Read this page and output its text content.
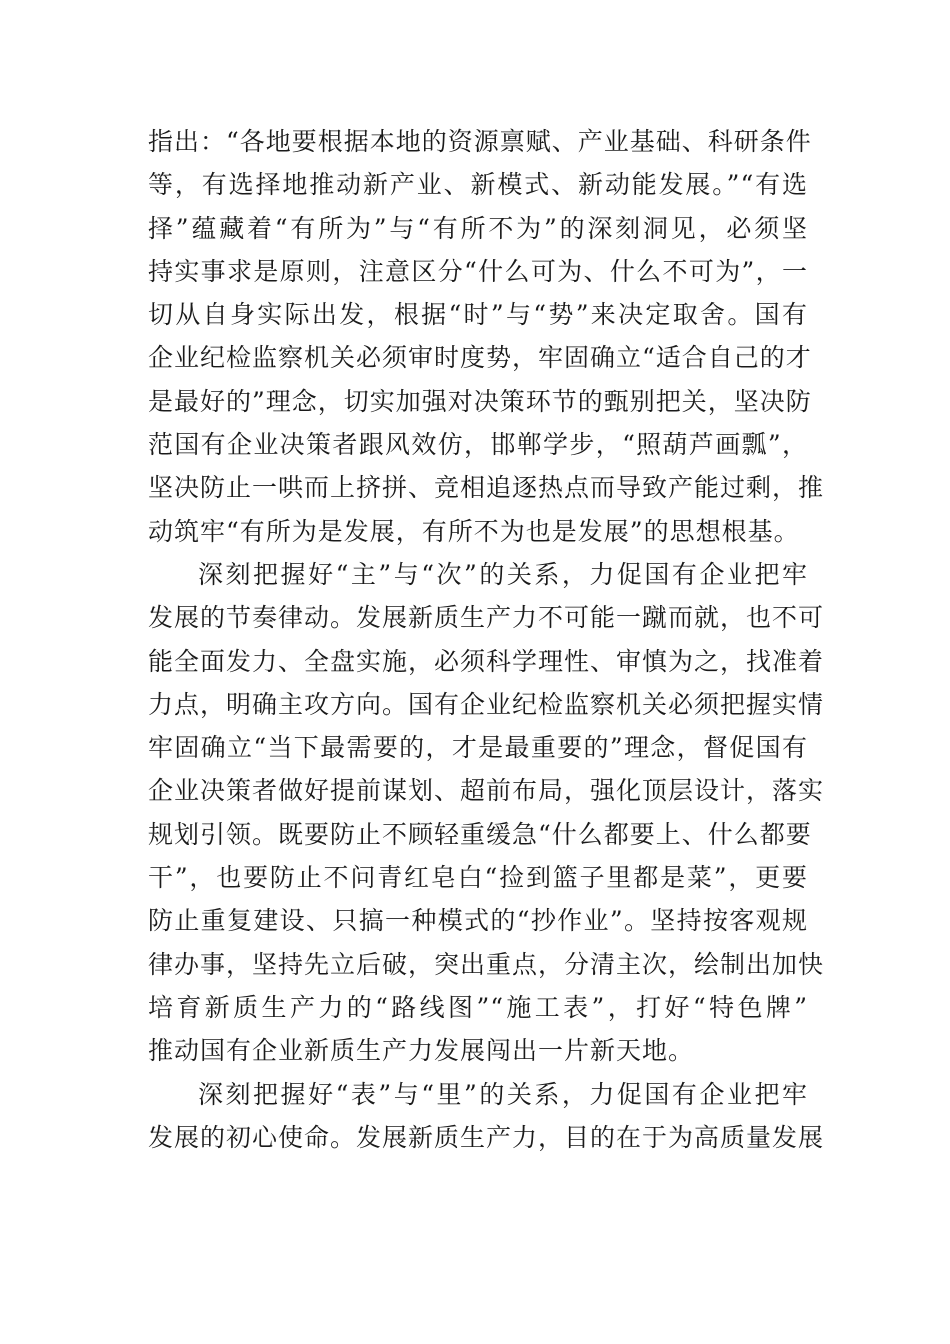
指出：“各地要根据本地的资源禀赋、产业基础、科研条件
等，有选择地推动新产业、新模式、新动能发展。”“有选
择”蕴藏着“有所为”与“有所不为”的深刻洞见，必须坚
持实事求是原则，注意区分“什么可为、什么不可为”，一
切从自身实际出发，根据“时”与“势”来决定取舍。国有
企业纪检监察机关必须审时度势，牢固确立“适合自己的才
是最好的”理念，切实加强对决策环节的甄别把关，坚决防
范国有企业决策者跟风效仿，邯郸学步，“照葫芦画瓢”，
坚决防止一哄而上挤拼、竞相追逐热点而导致产能过剩，推
动筑牢“有所为是发展，有所不为也是发展”的思想根基。
深刻把握好“主”与“次”的关系，力促国有企业把牢
发展的节奏律动。发展新质生产力不可能一蹴而就，也不可
能全面发力、全盘实施，必须科学理性、审慎为之，找准着
力点，明确主攻方向。国有企业纪检监察机关必须把握实情
牢固确立“当下最需要的，才是最重要的”理念，督促国有
企业决策者做好提前谋划、超前布局，强化顶层设计，落实
规划引领。既要防止不顾轻重缓急“什么都要上、什么都要
干”，也要防止不问青红皂白“捡到篮子里都是菜”，更要
防止重复建设、只搞一种模式的“抄作业”。坚持按客观规
律办事，坚持先立后破，突出重点，分清主次，绘制出加快
培育新质生产力的“路线图”“施工表”，打好“特色牌”
推动国有企业新质生产力发展闯出一片新天地。
深刻把握好“表”与“里”的关系，力促国有企业把牢
发展的初心使命。发展新质生产力，目的在于为高质量发展
